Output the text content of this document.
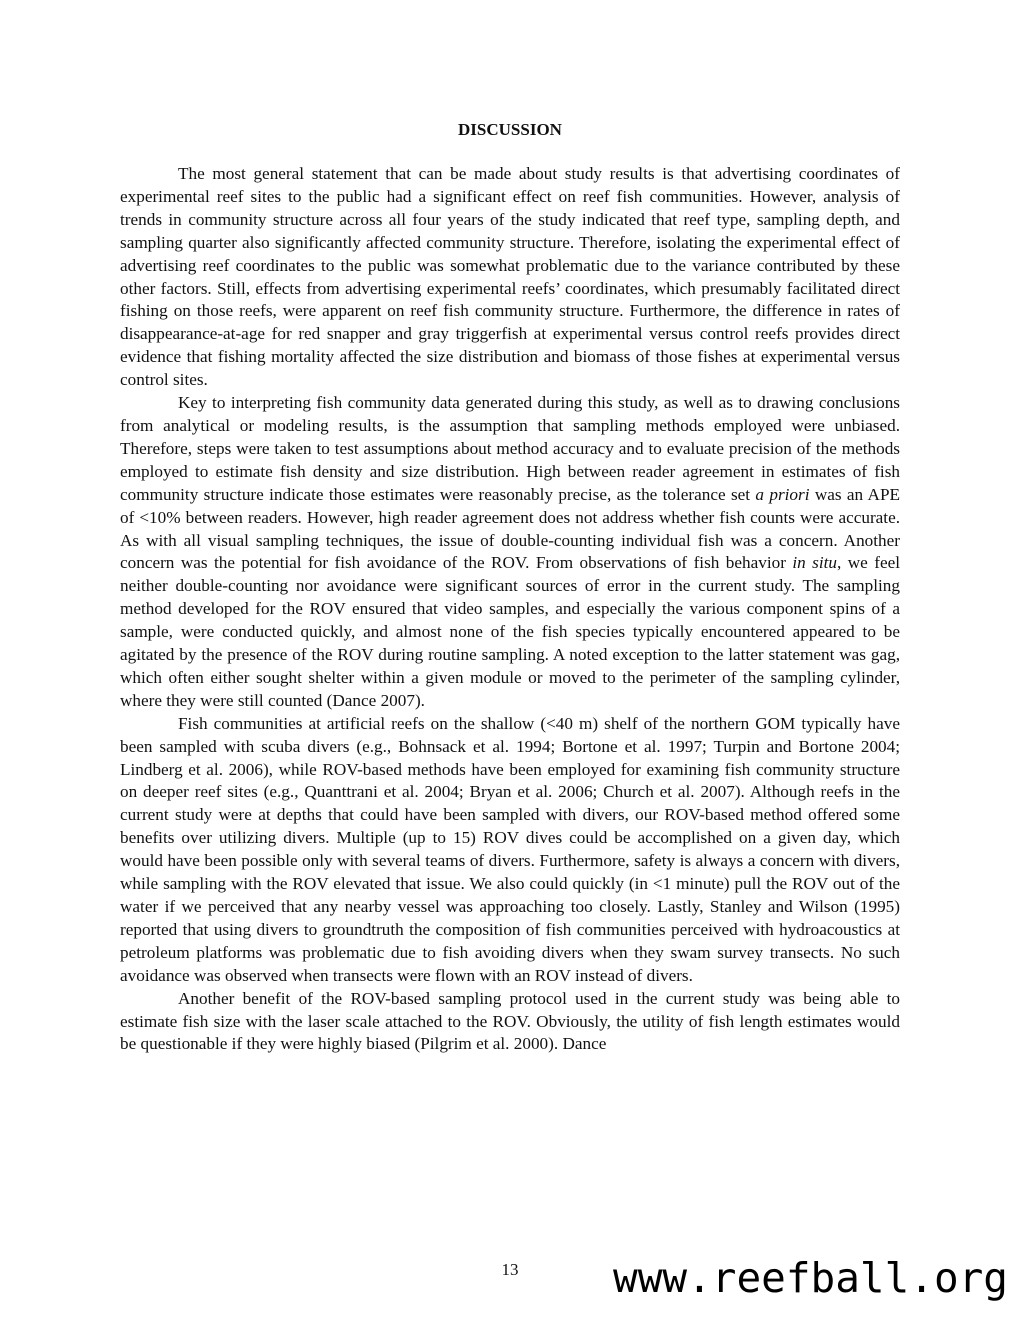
DISCUSSION

The most general statement that can be made about study results is that advertising coordinates of experimental reef sites to the public had a significant effect on reef fish communities. However, analysis of trends in community structure across all four years of the study indicated that reef type, sampling depth, and sampling quarter also significantly affected community structure. Therefore, isolating the experimental effect of advertising reef coordinates to the public was somewhat problematic due to the variance contributed by these other factors. Still, effects from advertising experimental reefs’ coordinates, which presumably facilitated direct fishing on those reefs, were apparent on reef fish community structure. Furthermore, the difference in rates of disappearance-at-age for red snapper and gray triggerfish at experimental versus control reefs provides direct evidence that fishing mortality affected the size distribution and biomass of those fishes at experimental versus control sites.

Key to interpreting fish community data generated during this study, as well as to drawing conclusions from analytical or modeling results, is the assumption that sampling methods employed were unbiased. Therefore, steps were taken to test assumptions about method accuracy and to evaluate precision of the methods employed to estimate fish density and size distribution. High between reader agreement in estimates of fish community structure indicate those estimates were reasonably precise, as the tolerance set a priori was an APE of <10% between readers. However, high reader agreement does not address whether fish counts were accurate. As with all visual sampling techniques, the issue of double-counting individual fish was a concern. Another concern was the potential for fish avoidance of the ROV. From observations of fish behavior in situ, we feel neither double-counting nor avoidance were significant sources of error in the current study. The sampling method developed for the ROV ensured that video samples, and especially the various component spins of a sample, were conducted quickly, and almost none of the fish species typically encountered appeared to be agitated by the presence of the ROV during routine sampling. A noted exception to the latter statement was gag, which often either sought shelter within a given module or moved to the perimeter of the sampling cylinder, where they were still counted (Dance 2007).

Fish communities at artificial reefs on the shallow (<40 m) shelf of the northern GOM typically have been sampled with scuba divers (e.g., Bohnsack et al. 1994; Bortone et al. 1997; Turpin and Bortone 2004; Lindberg et al. 2006), while ROV-based methods have been employed for examining fish community structure on deeper reef sites (e.g., Quanttrani et al. 2004; Bryan et al. 2006; Church et al. 2007). Although reefs in the current study were at depths that could have been sampled with divers, our ROV-based method offered some benefits over utilizing divers. Multiple (up to 15) ROV dives could be accomplished on a given day, which would have been possible only with several teams of divers. Furthermore, safety is always a concern with divers, while sampling with the ROV elevated that issue. We also could quickly (in <1 minute) pull the ROV out of the water if we perceived that any nearby vessel was approaching too closely. Lastly, Stanley and Wilson (1995) reported that using divers to groundtruth the composition of fish communities perceived with hydroacoustics at petroleum platforms was problematic due to fish avoiding divers when they swam survey transects. No such avoidance was observed when transects were flown with an ROV instead of divers.

Another benefit of the ROV-based sampling protocol used in the current study was being able to estimate fish size with the laser scale attached to the ROV. Obviously, the utility of fish length estimates would be questionable if they were highly biased (Pilgrim et al. 2000). Dance

13	www.reefball.org
